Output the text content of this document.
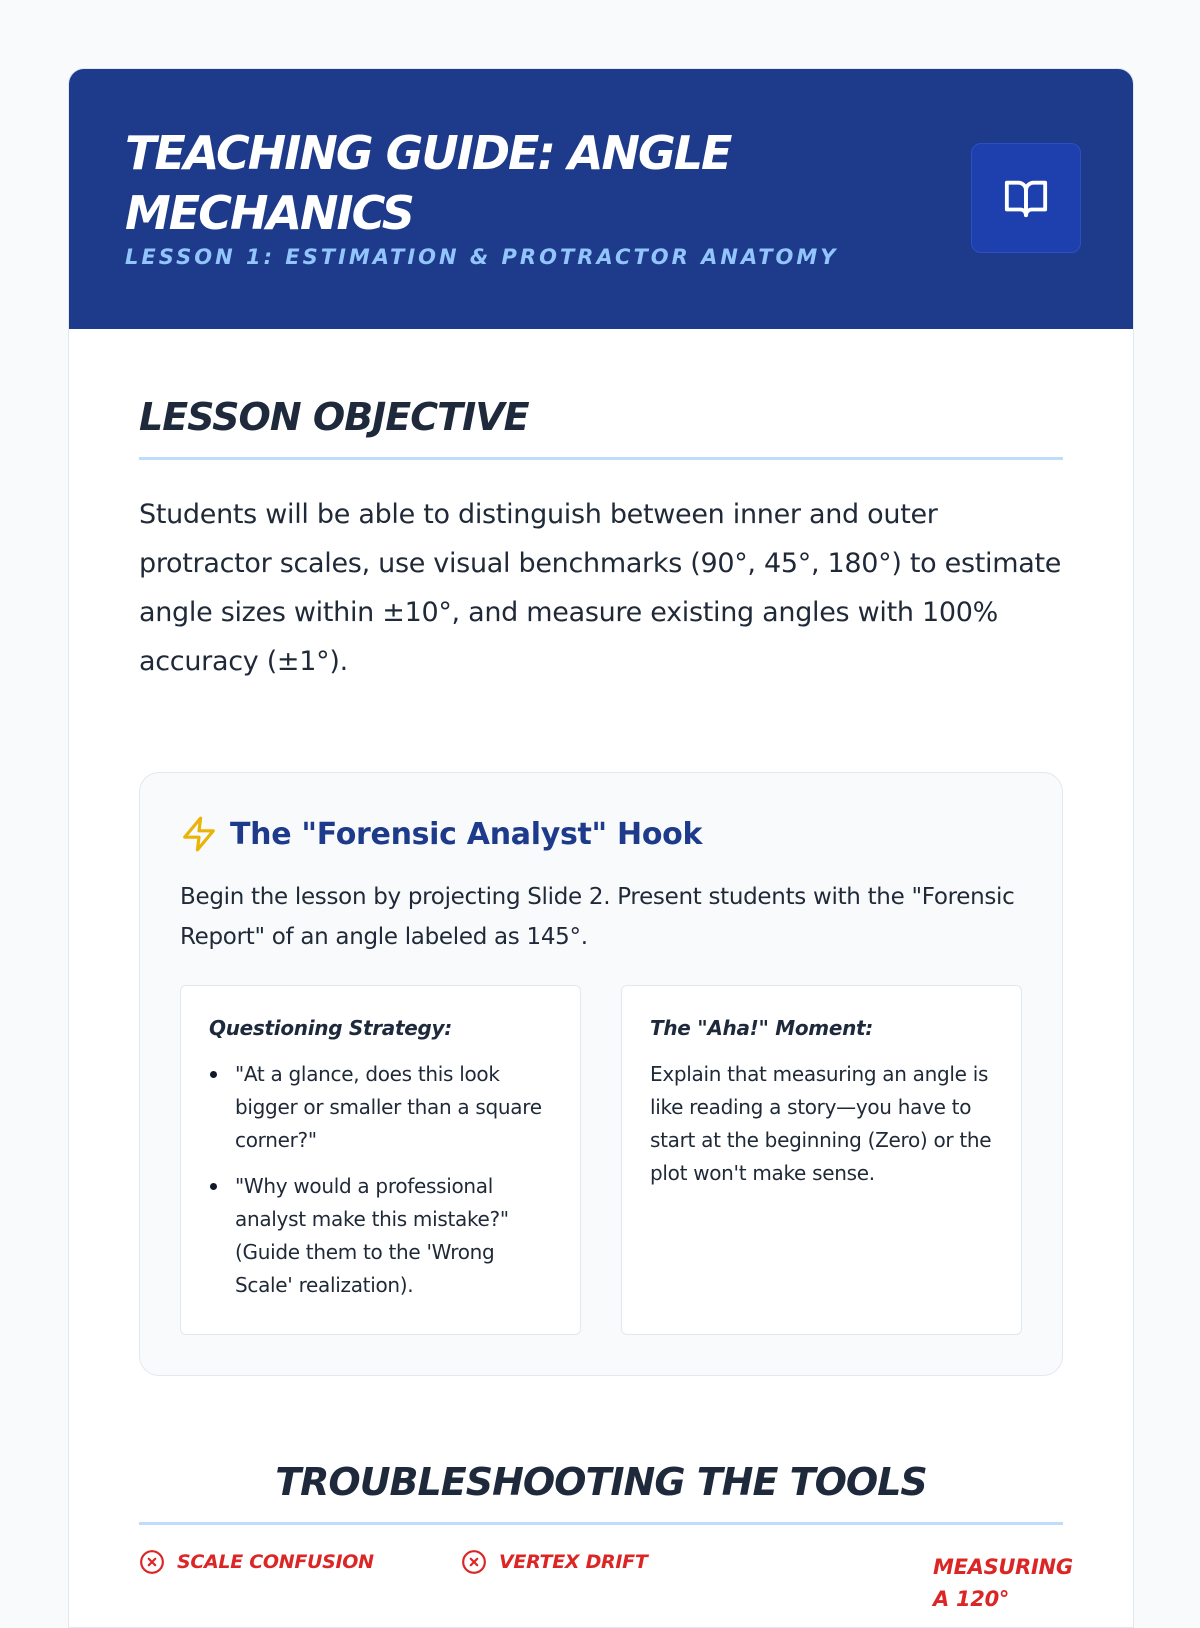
TEACHING GUIDE: ANGLE MECHANICS
LESSON 1: ESTIMATION & PROTRACTOR ANATOMY
LESSON OBJECTIVE

Students will be able to distinguish between inner and outer protractor scales, use visual benchmarks (90°, 45°, 180°) to estimate angle sizes within ±10°, and measure existing angles with 100% accuracy (±1°).

The "Forensic Analyst" Hook

Begin the lesson by projecting Slide 2. Present students with the "Forensic Report" of an angle labeled as 145°.

Questioning Strategy:
"At a glance, does this look bigger or smaller than a square corner?"
"Why would a professional analyst make this mistake?" (Guide them to the 'Wrong Scale' realization).
The "Aha!" Moment:

Explain that measuring an angle is like reading a story—you have to start at the beginning (Zero) or the plot won't make sense.

TROUBLESHOOTING THE TOOLS
SCALE CONFUSION	VERTEX DRIFT	MEASURING A 120°
